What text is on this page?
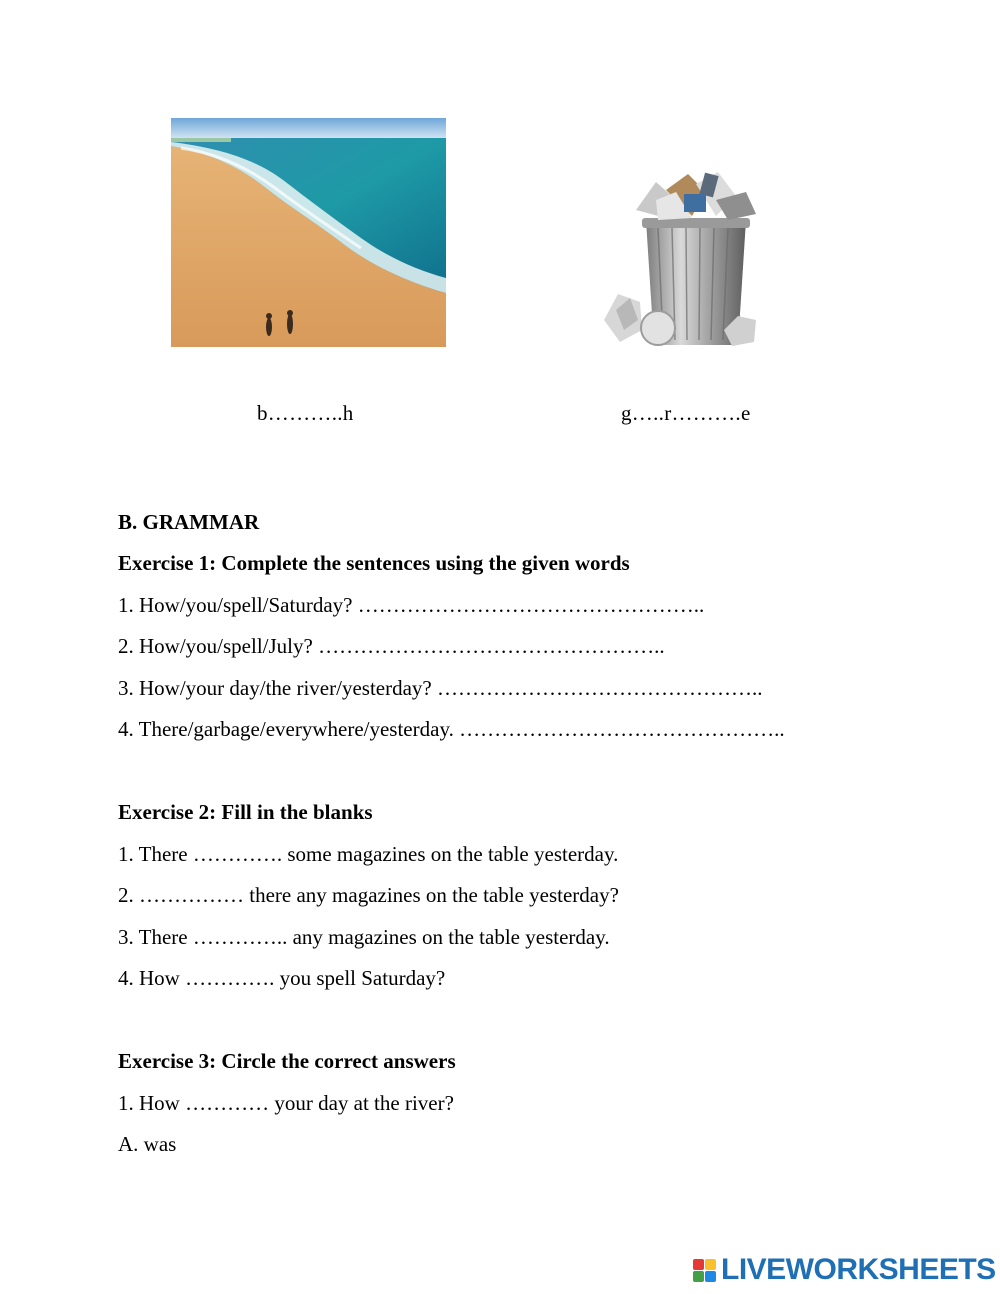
b………..h	g…..r……….e
B. GRAMMAR
Exercise 1: Complete the sentences using the given words
1. How/you/spell/Saturday? …………………………………………..
2. How/you/spell/July? …………………………………………..
3. How/your day/the river/yesterday? ………………………………………..
4. There/garbage/everywhere/yesterday. ………………………………………..
Exercise 2: Fill in the blanks
1. There …………. some magazines on the table yesterday.
2. …………… there any magazines on the table yesterday?
3. There ………….. any magazines on the table yesterday.
4. How …………. you spell Saturday?
Exercise 3: Circle the correct answers
1. How ………… your day at the river?
A. was
LIVEWORKSHEETS
